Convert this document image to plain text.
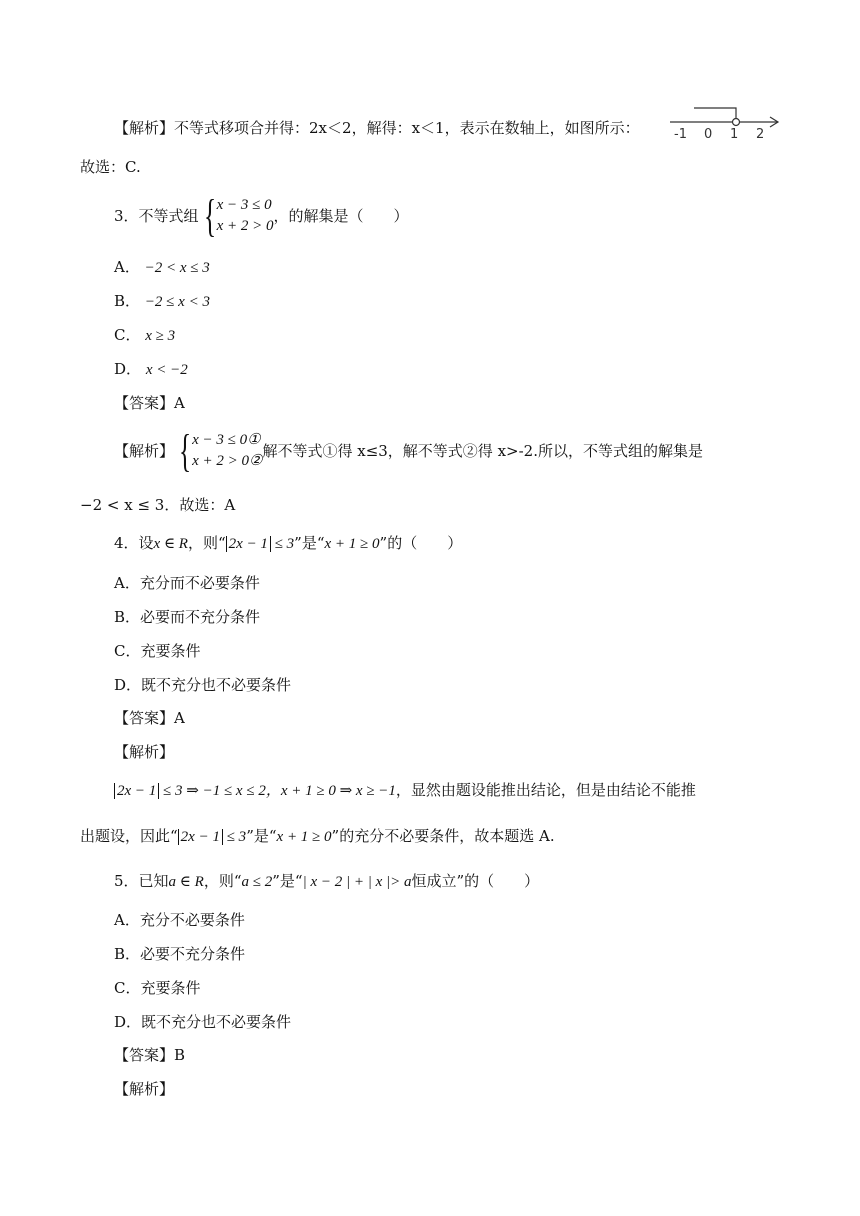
【解析】不等式移项合并得：2x＜2，解得：x＜1，表示在数轴上，如图所示：	-1 0 1 2
故选：C.
3．不等式组 { x − 3 ≤ 0
x + 2 > 0
，的解集是（　　）
A． −2 < x ≤ 3
B． −2 ≤ x < 3
C． x ≥ 3
D． x < −2
【答案】A
【解析】 { x − 3 ≤ 0①
x + 2 > 0②
解不等式①得 x≤3，解不等式②得 x>-2.所以，不等式组的解集是
−2 < x ≤ 3．故选：A
4．设x ∈ R，则“ 2x − 1 ≤ 3”是“x + 1 ≥ 0”的（　　）
A．充分而不必要条件
B．必要而不充分条件
C．充要条件
D．既不充分也不必要条件
【答案】A
【解析】
2x − 1 ≤ 3 ⇒ −1 ≤ x ≤ 2，x + 1 ≥ 0 ⇒ x ≥ −1，显然由题设能推出结论，但是由结论不能推
出题设，因此“ 2x − 1 ≤ 3”是“x + 1 ≥ 0”的充分不必要条件，故本题选 A.
5．已知a ∈ R，则“a ≤ 2”是“| x − 2 | + | x |> a恒成立”的（　　）
A．充分不必要条件
B．必要不充分条件
C．充要条件
D．既不充分也不必要条件
【答案】B
【解析】
